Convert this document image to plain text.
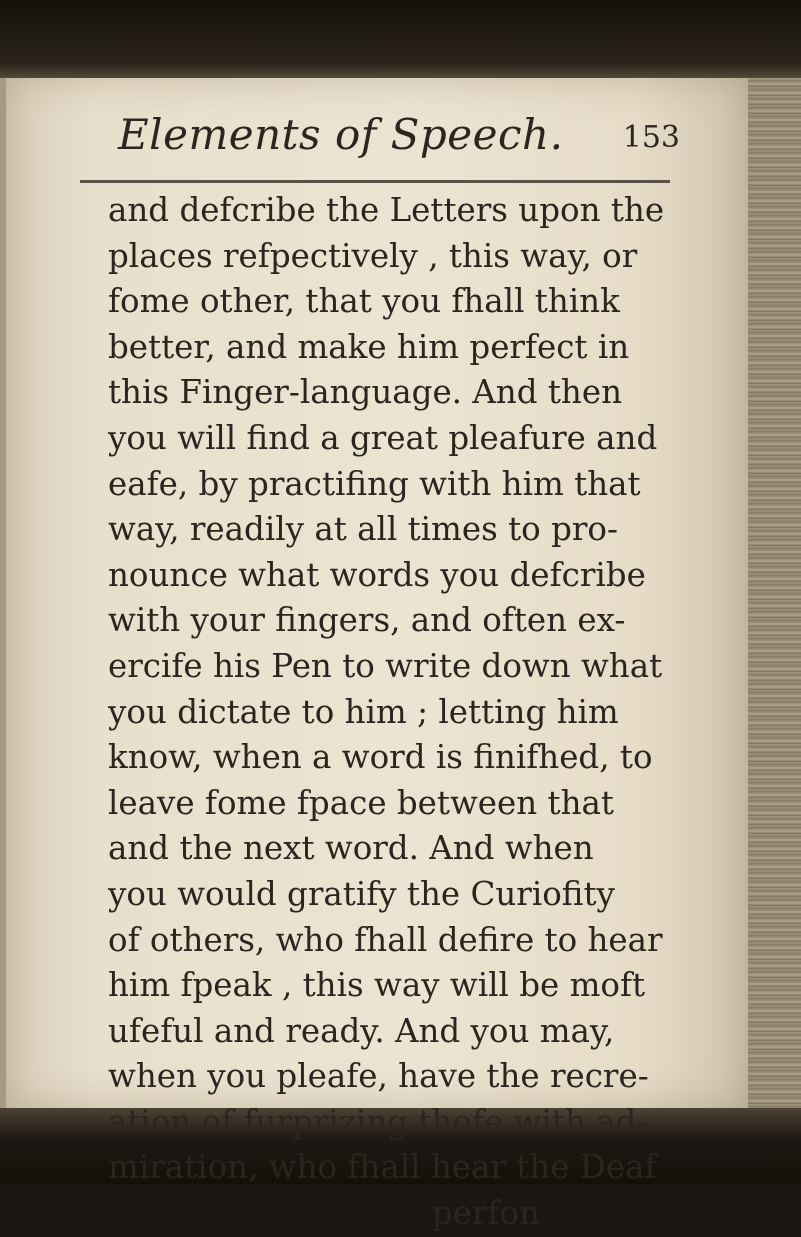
Elements of Speech. 153
and defcribe the Letters upon the
places refpectively , this way, or
fome other, that you fhall think
better, and make him perfect in
this Finger-language. And then
you will find a great pleafure and
eafe, by practifing with him that
way, readily at all times to pro-
nounce what words you defcribe
with your fingers, and often ex-
ercife his Pen to write down what
you dictate to him ; letting him
know, when a word is finifhed, to
leave fome fpace between that
and the next word. And when
you would gratify the Curiofity
of others, who fhall defire to hear
him fpeak , this way will be moft
ufeful and ready. And you may,
when you pleafe, have the recre-
ation of furprizing thofe with ad-
miration, who fhall hear the Deaf
perfon
